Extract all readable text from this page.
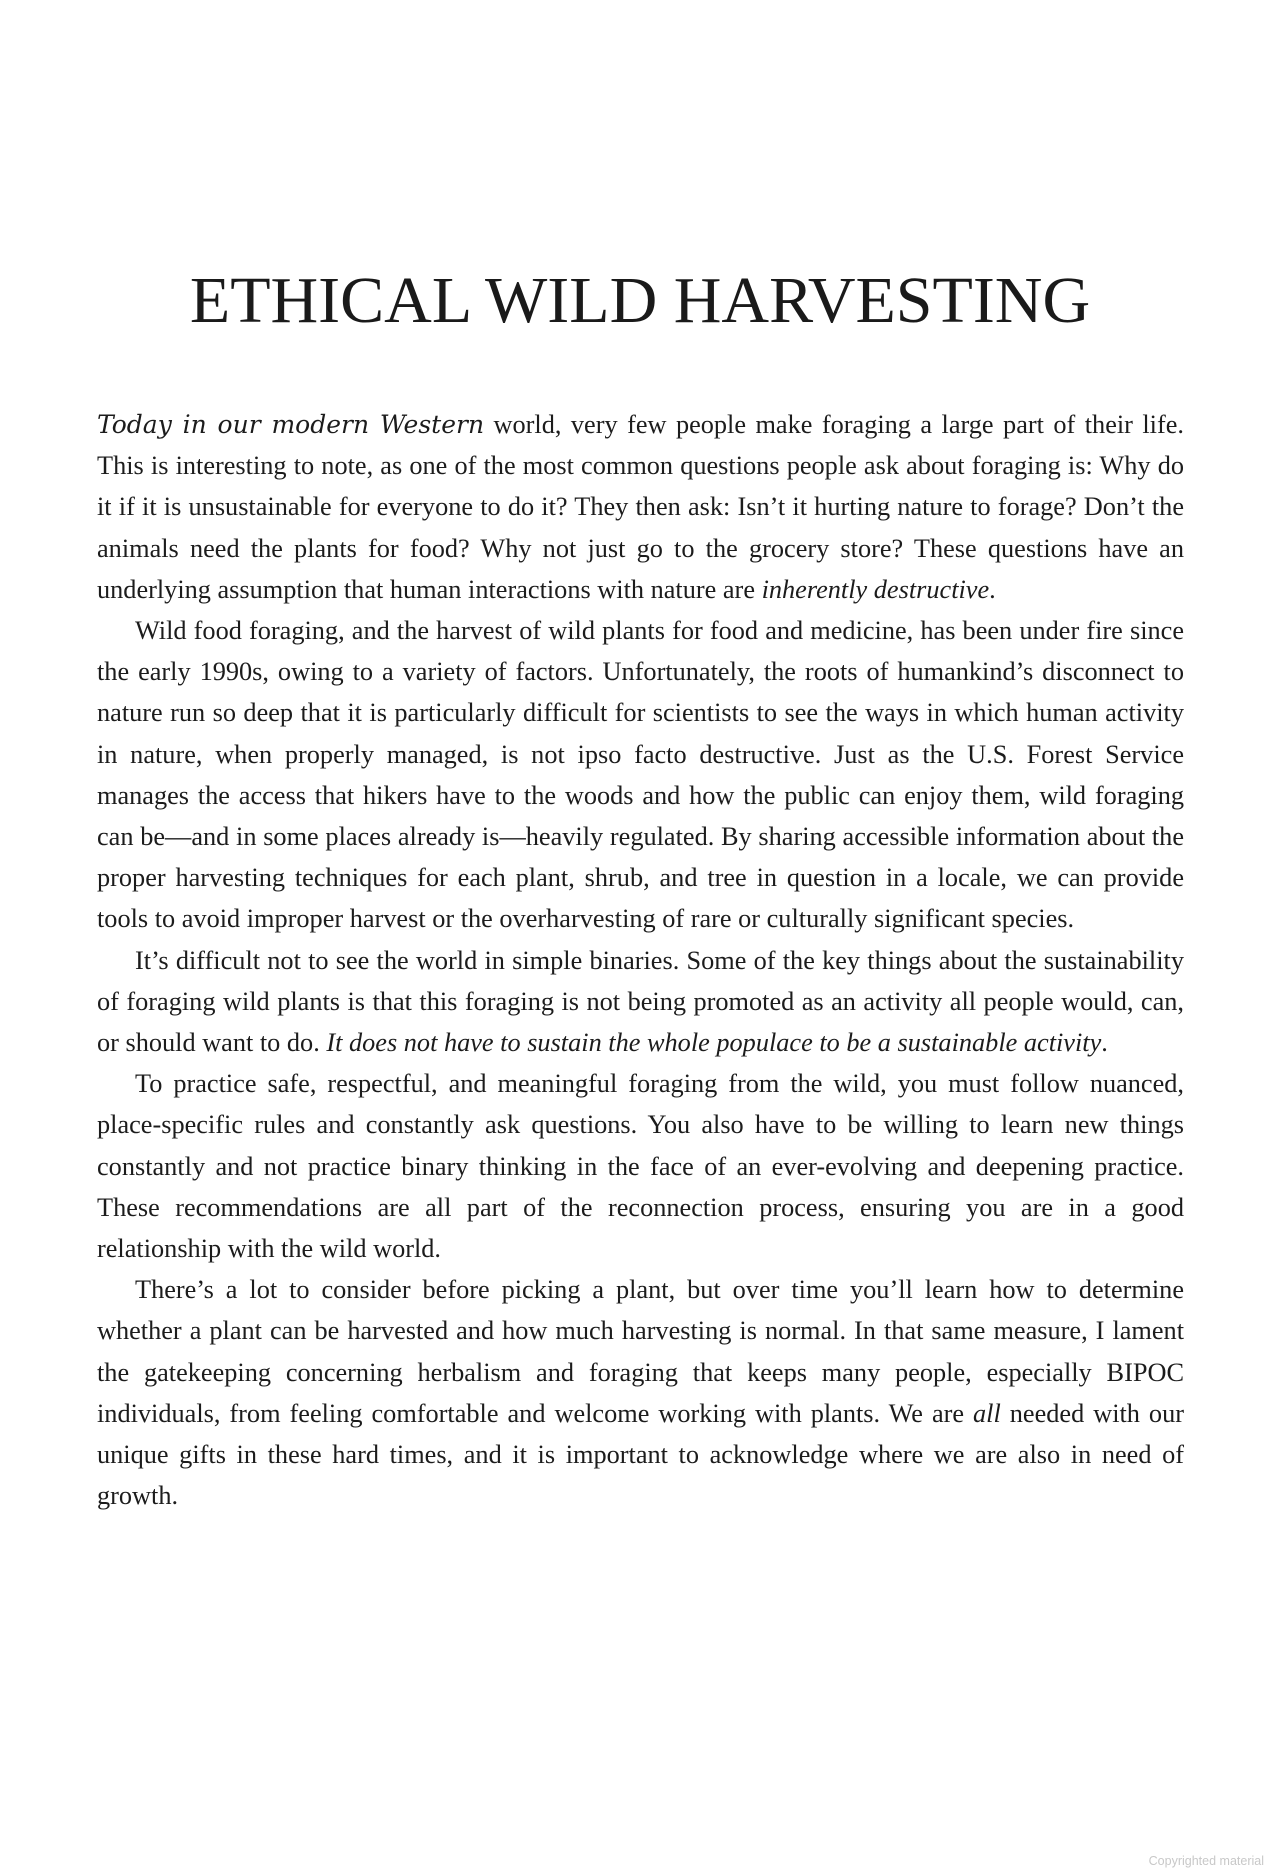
ETHICAL WILD HARVESTING

Today in our modern Western world, very few people make foraging a large part of their life. This is interesting to note, as one of the most common questions people ask about foraging is: Why do it if it is unsustainable for everyone to do it? They then ask: Isn’t it hurting nature to forage? Don’t the animals need the plants for food? Why not just go to the grocery store? These questions have an underlying assumption that human interactions with nature are inherently destructive.

Wild food foraging, and the harvest of wild plants for food and medicine, has been under fire since the early 1990s, owing to a variety of factors. Unfortunately, the roots of humankind’s disconnect to nature run so deep that it is particularly difficult for scientists to see the ways in which human activity in nature, when properly managed, is not ipso facto destructive. Just as the U.S. Forest Service manages the access that hikers have to the woods and how the public can enjoy them, wild foraging can be—and in some places already is—heavily regulated. By sharing accessible information about the proper harvesting techniques for each plant, shrub, and tree in question in a locale, we can provide tools to avoid improper harvest or the overharvesting of rare or culturally significant species.

It’s difficult not to see the world in simple binaries. Some of the key things about the sustainability of foraging wild plants is that this foraging is not being promoted as an activity all people would, can, or should want to do. It does not have to sustain the whole populace to be a sustainable activity.

To practice safe, respectful, and meaningful foraging from the wild, you must follow nuanced, place-specific rules and constantly ask questions. You also have to be willing to learn new things constantly and not practice binary thinking in the face of an ever-evolving and deepening practice. These recommendations are all part of the reconnection process, ensuring you are in a good relationship with the wild world.

There’s a lot to consider before picking a plant, but over time you’ll learn how to determine whether a plant can be harvested and how much harvesting is normal. In that same measure, I lament the gatekeeping concerning herbalism and foraging that keeps many people, especially BIPOC individuals, from feeling comfortable and welcome working with plants. We are all needed with our unique gifts in these hard times, and it is important to acknowledge where we are also in need of growth.

Copyrighted material
